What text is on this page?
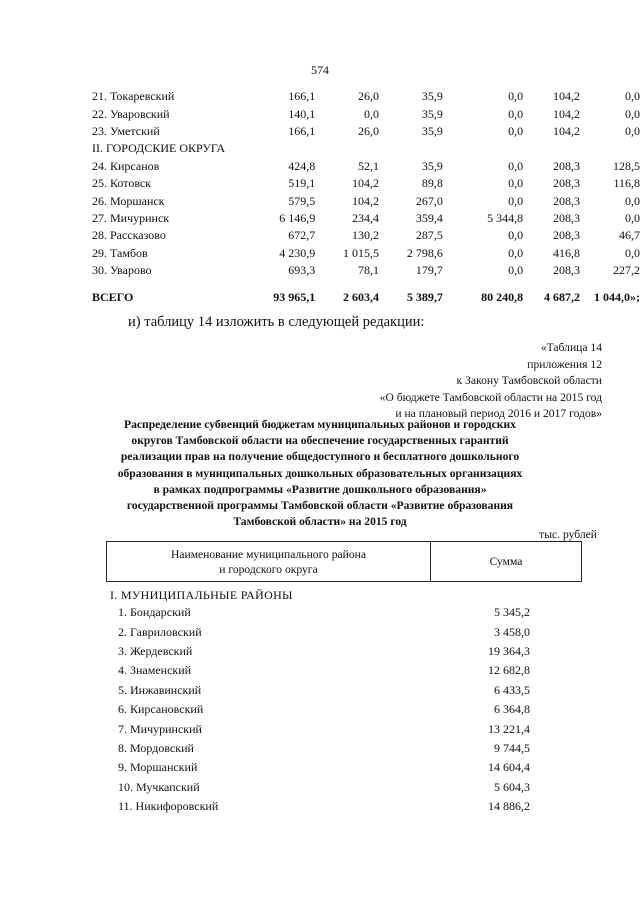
574
21. Токаревский	166,1	26,0	35,9	0,0	104,2	0,0
22. Уваровский	140,1	0,0	35,9	0,0	104,2	0,0
23. Уметский	166,1	26,0	35,9	0,0	104,2	0,0
II. ГОРОДСКИЕ ОКРУГА						
24. Кирсанов	424,8	52,1	35,9	0,0	208,3	128,5
25. Котовск	519,1	104,2	89,8	0,0	208,3	116,8
26. Моршанск	579,5	104,2	267,0	0,0	208,3	0,0
27. Мичуринск	6 146,9	234,4	359,4	5 344,8	208,3	0,0
28. Рассказово	672,7	130,2	287,5	0,0	208,3	46,7
29. Тамбов	4 230,9	1 015,5	2 798,6	0,0	416,8	0,0
30. Уварово	693,3	78,1	179,7	0,0	208,3	227,2
ВСЕГО	93 965,1	2 603,4	5 389,7	80 240,8	4 687,2	1 044,0»;
и) таблицу 14 изложить в следующей редакции:
«Таблица 14
приложения 12
к Закону Тамбовской области
«О бюджете Тамбовской области на 2015 год
и на плановый период 2016 и 2017 годов»
Распределение субвенций бюджетам муниципальных районов и городских
округов Тамбовской области на обеспечение государственных гарантий
реализации прав на получение общедоступного и бесплатного дошкольного
образования в муниципальных дошкольных образовательных организациях
в рамках подпрограммы «Развитие дошкольного образования»
государственной программы Тамбовской области «Развитие образования
Тамбовской области» на 2015 год
тыс. рублей
Наименование муниципального района
и городского округа
Сумма
I. МУНИЦИПАЛЬНЫЕ РАЙОНЫ
1. Бондарский	5 345,2
2. Гавриловский	3 458,0
3. Жердевский	19 364,3
4. Знаменский	12 682,8
5. Инжавинский	6 433,5
6. Кирсановский	6 364,8
7. Мичуринский	13 221,4
8. Мордовский	9 744,5
9. Моршанский	14 604,4
10. Мучкапский	5 604,3
11. Никифоровский	14 886,2
